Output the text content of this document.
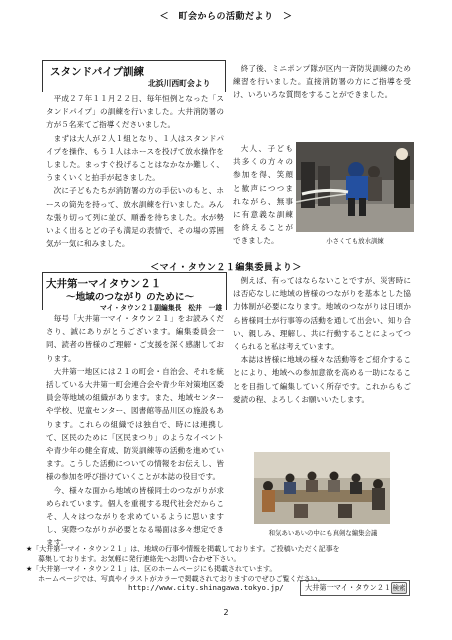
＜　町会からの活動だより　＞
スタンドパイプ訓練
北浜川西町会より

平成２７年１１月２２日、毎年恒例となった「スタンドパイプ」の訓練を行いました。大井消防署の方が５名来てご指導くださいました。

まずは大人が２人１組となり、１人はスタンドパイプを操作、もう１人はホースを投げて放水操作をしました。まっすぐ投げることはなかなか難しく、うまくいくと拍手が起きました。

次に子どもたちが消防署の方の手伝いのもと、ホースの筒先を持って、放水訓練を行いました。みんな張り切って列に並び、順番を待ちました。水が勢いよく出るとどの子も満足の表情で、その場の雰囲気が一気に和みました。

終了後、ミニポンプ隊が区内一斉防災訓練のため練習を行いました。直接消防署の方にご指導を受け、いろいろな質問をすることができました。

大人、子ども共多くの方々の参加を得、笑顔と歓声につつまれながら、無事に有意義な訓練を終えることができました。	小さくても放水訓練
＜マイ・タウン２１編集委員より＞
大井第一マイタウン２１
～地域のつながり のために～
マイ・タウン２１副編集長　松井　一雄

毎号「大井第一マイ・タウン２１」をお読みくださり、誠にありがとうございます。編集委員会一同、読者の皆様のご理解・ご支援を深く感謝しております。

大井第一地区には２１の町会・自治会、それを統括している大井第一町会連合会や青少年対策地区委員会等地域の組織があります。また、地域センターや学校、児童センター、図書館等品川区の施設もあります。これらの組織では独自で、時には連携して、区民のために「区民まつり」のようなイベントや青少年の健全育成、防災訓練等の活動を進めています。こうした活動についての情報をお伝えし、皆様の参加を呼び掛けていくことが本誌の役目です。

今、様々な面から地域の皆様同士のつながりが求められています。個人を重視する現代社会だからこそ、人々はつながりを求めているように思いますし、実際つながりが必要となる場面は多々想定できます。

例えば、有ってはならないことですが、災害時には否応なしに地域の皆様のつながりを基本とした協力体制が必要になります。地域のつながりは日頃から皆様同士が行事等の活動を通して出会い、知り合い、親しみ、理解し、共に行動することによってつくられると私は考えています。

本誌は皆様に地域の様々な活動等をご紹介することにより、地域への参加意欲を高める一助になることを目指して編集していく所存です。これからもご愛読の程、よろしくお願いいたします。

和気あいあいの中にも真剣な編集会議
★「大井第一マイ・タウン２１」は、地域の行事や情報を掲載しております。ご投稿いただく記事を
募集しております。お気軽に発行連絡先へお問い合わせ下さい。
★「大井第一マイ・タウン２１」は、区のホームページにも掲載されています。
ホームページでは、写真やイラストがカラーで掲載されておりますのでぜひご覧ください。
http://www.city.shinagawa.tokyo.jp/	大井第一マイ・タウン２１ 検索
2
